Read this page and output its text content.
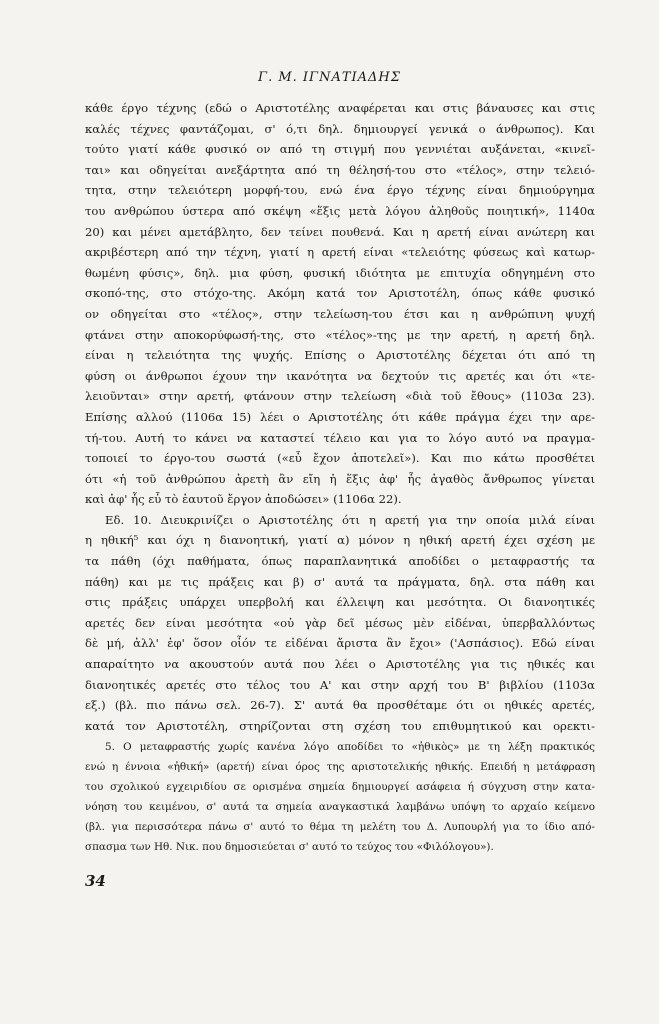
Γ. Μ. ΙΓΝΑΤΙΑΔΗΣ
κάθε έργο τέχνης (εδώ ο Αριστοτέλης αναφέρεται και στις βάναυσες και στις
καλές τέχνες φαντάζομαι, σ' ό,τι δηλ. δημιουργεί γενικά ο άνθρωπος). Και
τούτο γιατί κάθε φυσικό ον από τη στιγμή που γεννιέται αυξάνεται, «κινεῖ-
ται» και οδηγείται ανεξάρτητα από τη θέλησή-του στο «τέλος», στην τελειό-
τητα, στην τελειότερη μορφή-του, ενώ ένα έργο τέχνης είναι δημιούργημα
του ανθρώπου ύστερα από σκέψη «ἕξις μετὰ λόγου ἀληθοῦς ποιητική», 1140α
20) και μένει αμετάβλητο, δεν τείνει πουθενά. Και η αρετή είναι ανώτερη και
ακριβέστερη από την τέχνη, γιατί η αρετή είναι «τελειότης φύσεως καὶ κατωρ-
θωμένη φύσις», δηλ. μια φύση, φυσική ιδιότητα με επιτυχία οδηγημένη στο
σκοπό-της, στο στόχο-της. Ακόμη κατά τον Αριστοτέλη, όπως κάθε φυσικό
ον οδηγείται στο «τέλος», στην τελείωση-του έτσι και η ανθρώπινη ψυχή
φτάνει στην αποκορύφωσή-της, στο «τέλος»-της με την αρετή, η αρετή δηλ.
είναι η τελειότητα της ψυχής. Επίσης ο Αριστοτέλης δέχεται ότι από τη
φύση οι άνθρωποι έχουν την ικανότητα να δεχτούν τις αρετές και ότι «τε-
λειοῦνται» στην αρετή, φτάνουν στην τελείωση «διὰ τοῦ ἔθους» (1103α 23).
Επίσης αλλού (1106α 15) λέει ο Αριστοτέλης ότι κάθε πράγμα έχει την αρε-
τή-του. Αυτή το κάνει να καταστεί τέλειο και για το λόγο αυτό να πραγμα-
τοποιεί το έργο-του σωστά («εὖ ἔχον ἀποτελεῖ»). Και πιο κάτω προσθέτει
ότι «ἡ τοῦ ἀνθρώπου ἀρετὴ ἂν εἴη ἡ ἕξις ἀφ' ἧς ἀγαθὸς ἄνθρωπος γίνεται
καὶ ἀφ' ἧς εὖ τὸ ἑαυτοῦ ἔργον ἀποδώσει» (1106α 22).
Εδ. 10. Διευκρινίζει ο Αριστοτέλης ότι η αρετή για την οποία μιλά είναι
η ηθική⁵ και όχι η διανοητική, γιατί α) μόνον η ηθική αρετή έχει σχέση με
τα πάθη (όχι παθήματα, όπως παραπλανητικά αποδίδει ο μεταφραστής τα
πάθη) και με τις πράξεις και β) σ' αυτά τα πράγματα, δηλ. στα πάθη και
στις πράξεις υπάρχει υπερβολή και έλλειψη και μεσότητα. Οι διανοητικές
αρετές δεν είναι μεσότητα «οὐ γὰρ δεῖ μέσως μὲν εἰδέναι, ὑπερβαλλόντως
δὲ μή, ἀλλ' ἐφ' ὅσον οἷόν τε εἰδέναι ἄριστα ἂν ἔχοι» ('Ασπάσιος). Εδώ είναι
απαραίτητο να ακουστούν αυτά που λέει ο Αριστοτέλης για τις ηθικές και
διανοητικές αρετές στο τέλος του Α' και στην αρχή του Β' βιβλίου (1103α
εξ.) (βλ. πιο πάνω σελ. 26-7). Σ' αυτά θα προσθέταμε ότι οι ηθικές αρετές,
κατά τον Αριστοτέλη, στηρίζονται στη σχέση του επιθυμητικού και ορεκτι-
5. Ο μεταφραστής χωρίς κανένα λόγο αποδίδει το «ἠθικὸς» με τη λέξη πρακτικός
ενώ η έννοια «ἠθική» (αρετή) είναι όρος της αριστοτελικής ηθικής. Επειδή η μετάφραση
του σχολικού εγχειριδίου σε ορισμένα σημεία δημιουργεί ασάφεια ή σύγχυση στην κατα-
νόηση του κειμένου, σ' αυτά τα σημεία αναγκαστικά λαμβάνω υπόψη το αρχαίο κείμενο
(βλ. για περισσότερα πάνω σ' αυτό το θέμα τη μελέτη του Δ. Λυπουρλή για το ίδιο από-
σπασμα των Ηθ. Νικ. που δημοσιεύεται σ' αυτό το τεύχος του «Φιλόλογου»).
34
